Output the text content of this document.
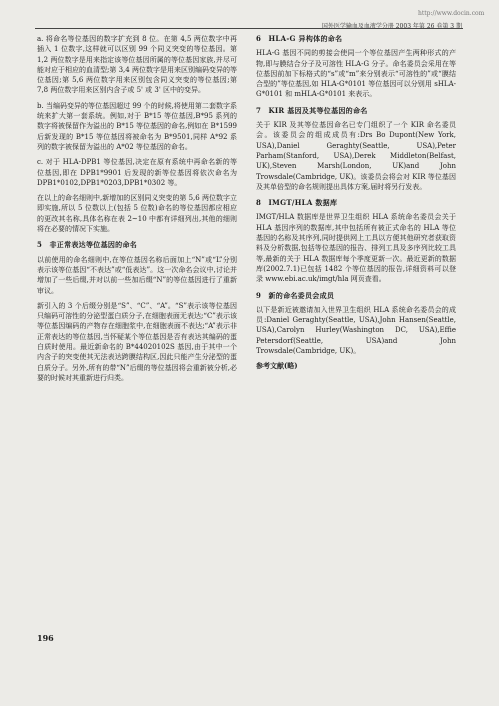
http://www.docin.com
国外医学输血及血液学分册 2003 年第 26 卷第 3 期

a. 将命名等位基因的数字扩充到 8 位。在第 4,5 两位数字中再插入 1 位数字,这样就可以区别 99 个同义突变的等位基因。第 1,2 两位数字是用来指定该等位基因所属的等位基因家族,并尽可能对应于相应的血清型;第 3,4 两位数字是用来区别编码变异的等位基因;第 5,6 两位数字用来区别包含同义突变的等位基因;第 7,8 两位数字用来区别内含子或 5' 或 3' 区中的变异。

b. 当编码变异的等位基因超过 99 个的时候,将使用第二套数字系统来扩大第一套系统。例如,对于 B*15 等位基因,B*95 系列的数字将被保留作为溢出的 B*15 等位基因的命名,例如在 B*1599 后新发现的 B*15 等位基因将被命名为 B*9501,同样 A*92 系列的数字被保留为溢出的 A*02 等位基因的命名。

c. 对于 HLA-DPB1 等位基因,决定在原有系统中再命名新的等位基因,即在 DPB1*9901 后发现的新等位基因将依次命名为 DPB1*0102,DPB1*0203,DPB1*0302 等。

在以上的命名细则中,新增加的区别同义突变的第 5,6 两位数字立即实施,所以 5 位数以上(包括 5 位数)命名的等位基因都应相应的更改其名称,具体名称在表 2~10 中都有详细列出,其他的细则将在必要的情况下实施。

5　非正常表达等位基因的命名

以前使用的命名细则中,在等位基因名称后面加上“N”或“L”分别表示该等位基因“不表达”或“低表达”。这一次命名会议中,讨论并增加了一些后缀,并对以前一些加后缀“N”的等位基因进行了重新审议。

新引入的 3 个后缀分别是“S”、“C”、“A”。“S”表示该等位基因只编码可溶性的分泌型蛋白质分子,在细胞表面无表达;“C”表示该等位基因编码的产物存在细胞浆中,在细胞表面不表达;“A”表示非正常表达的等位基因,当怀疑某个等位基因是否有表达其编码的蛋白质时使用。最近新命名的 B*44020102S 基因,由于其中一个内含子的突变使其无法表达跨膜结构区,因此只能产生分泌型的蛋白质分子。另外,所有的带“N”后缀的等位基因将会重新被分析,必要的时候对其重新进行归类。

6　HLA-G 异构体的命名

HLA-G 基因不同的剪接会使同一个等位基因产生两种形式的产物,即与膜结合分子及可溶性 HLA-G 分子。命名委员会采用在等位基因前加下标格式的“s”或“m”来分别表示“可溶性的”或“膜结合型的”等位基因,如 HLA-G*0101 等位基因可以分别用 sHLA-G*0101 和 mHLA-G*0101 来表示。

7　KIR 基因及其等位基因的命名

关于 KIR 及其等位基因命名已专门组织了一个 KIR 命名委员会。该委员会的组成成员有:Drs Bo Dupont(New York, USA),Daniel Geraghty(Seattle, USA),Peter Parham(Stanford, USA),Derek Middleton(Belfast, UK),Steven Marsh(London, UK)and John Trowsdale(Cambridge, UK)。该委员会将会对 KIR 等位基因及其单倍型的命名规则提出具体方案,届时将另行发表。

8　IMGT/HLA 数据库

IMGT/HLA 数据库是世界卫生组织 HLA 系统命名委员会关于 HLA 基因序列的数据库,其中包括所有被正式命名的 HLA 等位基因的名称及其序列,同时提供网上工具以方便其他研究者获取资料及分析数据,包括等位基因的报告、排列工具及多序列比较工具等,最新的关于 HLA 数据库每个季度更新一次。最近更新的数据库(2002.7.1)已包括 1482 个等位基因的报告,详细资料可以登录 www.ebi.ac.uk/imgt/hla 网页查看。

9　新的命名委员会成员

以下是新近被邀请加入世界卫生组织 HLA 系统命名委员会的成员:Daniel Geraghty(Seattle, USA),John Hansen(Seattle, USA),Carolyn Hurley(Washington DC, USA),Effie Petersdorf(Seattle, USA)and John Trowsdale(Cambridge, UK)。

参考文献(略)
196
